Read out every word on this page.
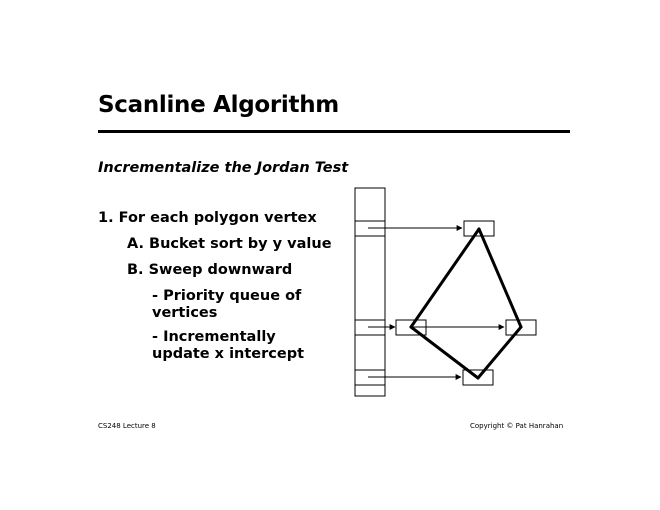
Scanline Algorithm
Incrementalize the Jordan Test
1. For each polygon vertex
A. Bucket sort by y value
B. Sweep downward
- Priority queue of vertices
- Incrementally update x intercept
CS248 Lecture 8	Copyright © Pat Hanrahan
